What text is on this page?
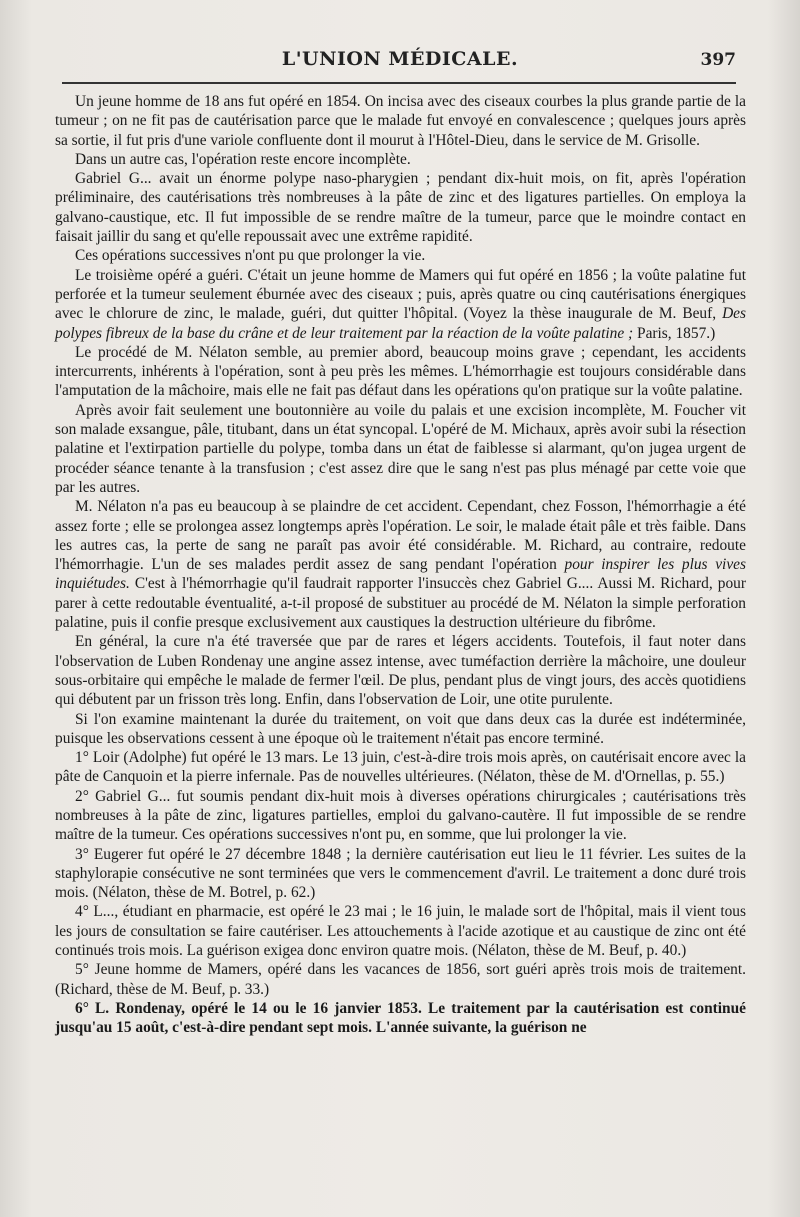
L'UNION MÉDICALE.	397

Un jeune homme de 18 ans fut opéré en 1854. On incisa avec des ciseaux courbes la plus grande partie de la tumeur ; on ne fit pas de cautérisation parce que le malade fut envoyé en convalescence ; quelques jours après sa sortie, il fut pris d'une variole confluente dont il mourut à l'Hôtel-Dieu, dans le service de M. Grisolle.

Dans un autre cas, l'opération reste encore incomplète.

Gabriel G... avait un énorme polype naso-pharygien ; pendant dix-huit mois, on fit, après l'opération préliminaire, des cautérisations très nombreuses à la pâte de zinc et des ligatures partielles. On employa la galvano-caustique, etc. Il fut impossible de se rendre maître de la tumeur, parce que le moindre contact en faisait jaillir du sang et qu'elle repoussait avec une extrême rapidité.

Ces opérations successives n'ont pu que prolonger la vie.

Le troisième opéré a guéri. C'était un jeune homme de Mamers qui fut opéré en 1856 ; la voûte palatine fut perforée et la tumeur seulement éburnée avec des ciseaux ; puis, après quatre ou cinq cautérisations énergiques avec le chlorure de zinc, le malade, guéri, dut quitter l'hôpital. (Voyez la thèse inaugurale de M. Beuf, Des polypes fibreux de la base du crâne et de leur traitement par la réaction de la voûte palatine ; Paris, 1857.)

Le procédé de M. Nélaton semble, au premier abord, beaucoup moins grave ; cependant, les accidents intercurrents, inhérents à l'opération, sont à peu près les mêmes. L'hémorrhagie est toujours considérable dans l'amputation de la mâchoire, mais elle ne fait pas défaut dans les opérations qu'on pratique sur la voûte palatine.

Après avoir fait seulement une boutonnière au voile du palais et une excision incomplète, M. Foucher vit son malade exsangue, pâle, titubant, dans un état syncopal. L'opéré de M. Michaux, après avoir subi la résection palatine et l'extirpation partielle du polype, tomba dans un état de faiblesse si alarmant, qu'on jugea urgent de procéder séance tenante à la transfusion ; c'est assez dire que le sang n'est pas plus ménagé par cette voie que par les autres.

M. Nélaton n'a pas eu beaucoup à se plaindre de cet accident. Cependant, chez Fosson, l'hémorrhagie a été assez forte ; elle se prolongea assez longtemps après l'opération. Le soir, le malade était pâle et très faible. Dans les autres cas, la perte de sang ne paraît pas avoir été considérable. M. Richard, au contraire, redoute l'hémorrhagie. L'un de ses malades perdit assez de sang pendant l'opération pour inspirer les plus vives inquiétudes. C'est à l'hémorrhagie qu'il faudrait rapporter l'insuccès chez Gabriel G.... Aussi M. Richard, pour parer à cette redoutable éventualité, a-t-il proposé de substituer au procédé de M. Nélaton la simple perforation palatine, puis il confie presque exclusivement aux caustiques la destruction ultérieure du fibrôme.

En général, la cure n'a été traversée que par de rares et légers accidents. Toutefois, il faut noter dans l'observation de Luben Rondenay une angine assez intense, avec tuméfaction derrière la mâchoire, une douleur sous-orbitaire qui empêche le malade de fermer l'œil. De plus, pendant plus de vingt jours, des accès quotidiens qui débutent par un frisson très long. Enfin, dans l'observation de Loir, une otite purulente.

Si l'on examine maintenant la durée du traitement, on voit que dans deux cas la durée est indéterminée, puisque les observations cessent à une époque où le traitement n'était pas encore terminé.

1° Loir (Adolphe) fut opéré le 13 mars. Le 13 juin, c'est-à-dire trois mois après, on cautérisait encore avec la pâte de Canquoin et la pierre infernale. Pas de nouvelles ultérieures. (Nélaton, thèse de M. d'Ornellas, p. 55.)

2° Gabriel G... fut soumis pendant dix-huit mois à diverses opérations chirurgicales ; cautérisations très nombreuses à la pâte de zinc, ligatures partielles, emploi du galvano-cautère. Il fut impossible de se rendre maître de la tumeur. Ces opérations successives n'ont pu, en somme, que lui prolonger la vie.

3° Eugerer fut opéré le 27 décembre 1848 ; la dernière cautérisation eut lieu le 11 février. Les suites de la staphylorapie consécutive ne sont terminées que vers le commencement d'avril. Le traitement a donc duré trois mois. (Nélaton, thèse de M. Botrel, p. 62.)

4° L..., étudiant en pharmacie, est opéré le 23 mai ; le 16 juin, le malade sort de l'hôpital, mais il vient tous les jours de consultation se faire cautériser. Les attouchements à l'acide azotique et au caustique de zinc ont été continués trois mois. La guérison exigea donc environ quatre mois. (Nélaton, thèse de M. Beuf, p. 40.)

5° Jeune homme de Mamers, opéré dans les vacances de 1856, sort guéri après trois mois de traitement. (Richard, thèse de M. Beuf, p. 33.)

6° L. Rondenay, opéré le 14 ou le 16 janvier 1853. Le traitement par la cautérisation est continué jusqu'au 15 août, c'est-à-dire pendant sept mois. L'année suivante, la guérison ne
